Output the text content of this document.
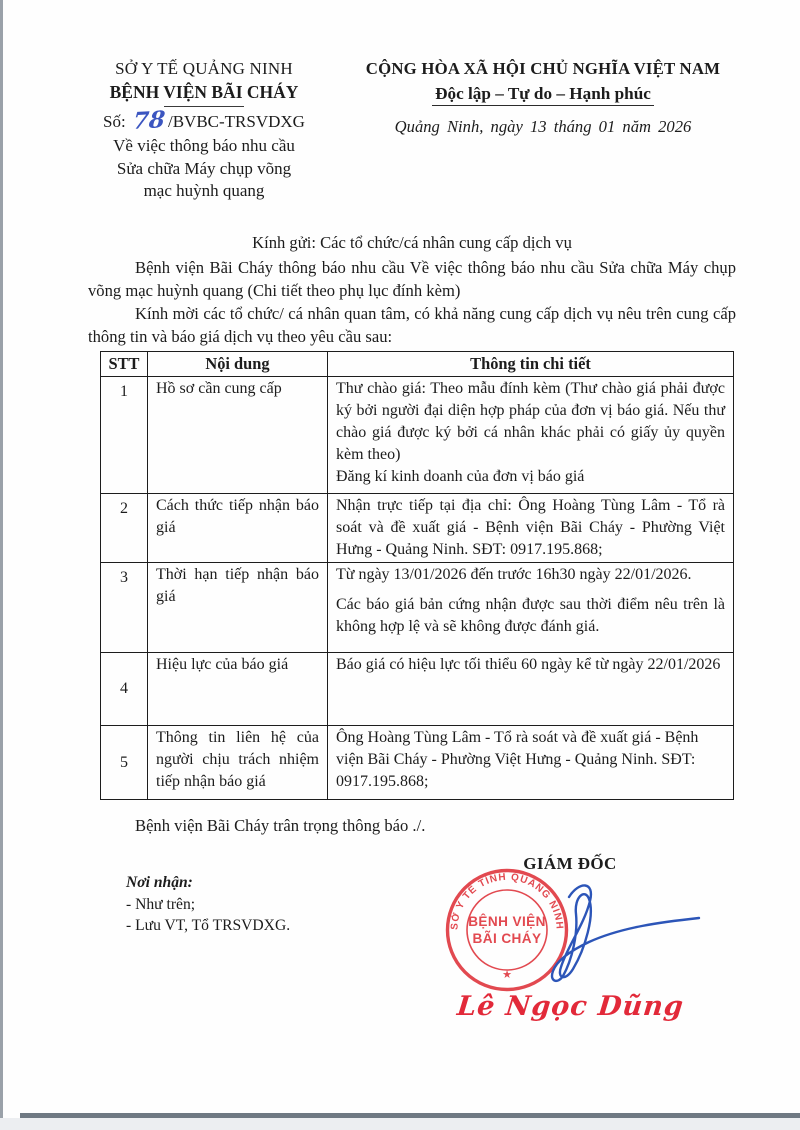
SỞ Y TẾ QUẢNG NINH
BỆNH VIỆN BÃI CHÁY
Số: 78 /BVBC-TRSVDXG
Về việc thông báo nhu cầu
Sửa chữa Máy chụp võng
mạc huỳnh quang
CỘNG HÒA XÃ HỘI CHỦ NGHĨA VIỆT NAM
Độc lập – Tự do – Hạnh phúc
Quảng Ninh, ngày 13 tháng 01 năm 2026
Kính gửi: Các tổ chức/cá nhân cung cấp dịch vụ

Bệnh viện Bãi Cháy thông báo nhu cầu Về việc thông báo nhu cầu Sửa chữa Máy chụp võng mạc huỳnh quang (Chi tiết theo phụ lục đính kèm)

Kính mời các tổ chức/ cá nhân quan tâm, có khả năng cung cấp dịch vụ nêu trên cung cấp thông tin và báo giá dịch vụ theo yêu cầu sau:

STT	Nội dung	Thông tin chi tiết
1	Hồ sơ cần cung cấp	Thư chào giá: Theo mẫu đính kèm (Thư chào giá phải được ký bởi người đại diện hợp pháp của đơn vị báo giá. Nếu thư chào giá được ký bởi cá nhân khác phải có giấy ủy quyền kèm theo)

Đăng kí kinh doanh của đơn vị báo giá

2	Cách thức tiếp nhận báo giá	Nhận trực tiếp tại địa chỉ: Ông Hoàng Tùng Lâm - Tổ rà soát và đề xuất giá - Bệnh viện Bãi Cháy - Phường Việt Hưng - Quảng Ninh. SĐT: 0917.195.868;

3	Thời hạn tiếp nhận báo giá	Từ ngày 13/01/2026 đến trước 16h30 ngày 22/01/2026.

Các báo giá bản cứng nhận được sau thời điểm nêu trên là không hợp lệ và sẽ không được đánh giá.

4	Hiệu lực của báo giá	Báo giá có hiệu lực tối thiểu 60 ngày kể từ ngày 22/01/2026

5	Thông tin liên hệ của người chịu trách nhiệm tiếp nhận báo giá	Ông Hoàng Tùng Lâm - Tổ rà soát và đề xuất giá - Bệnh viện Bãi Cháy - Phường Việt Hưng - Quảng Ninh. SĐT: 0917.195.868;

Bệnh viện Bãi Cháy trân trọng thông báo ./.

Nơi nhận:
- Như trên;
- Lưu VT, Tổ TRSVDXG.
GIÁM ĐỐC
SỞ Y TẾ TỈNH QUẢNG NINH
BỆNH VIỆN
BÃI CHÁY
★
Lê Ngọc Dũng
